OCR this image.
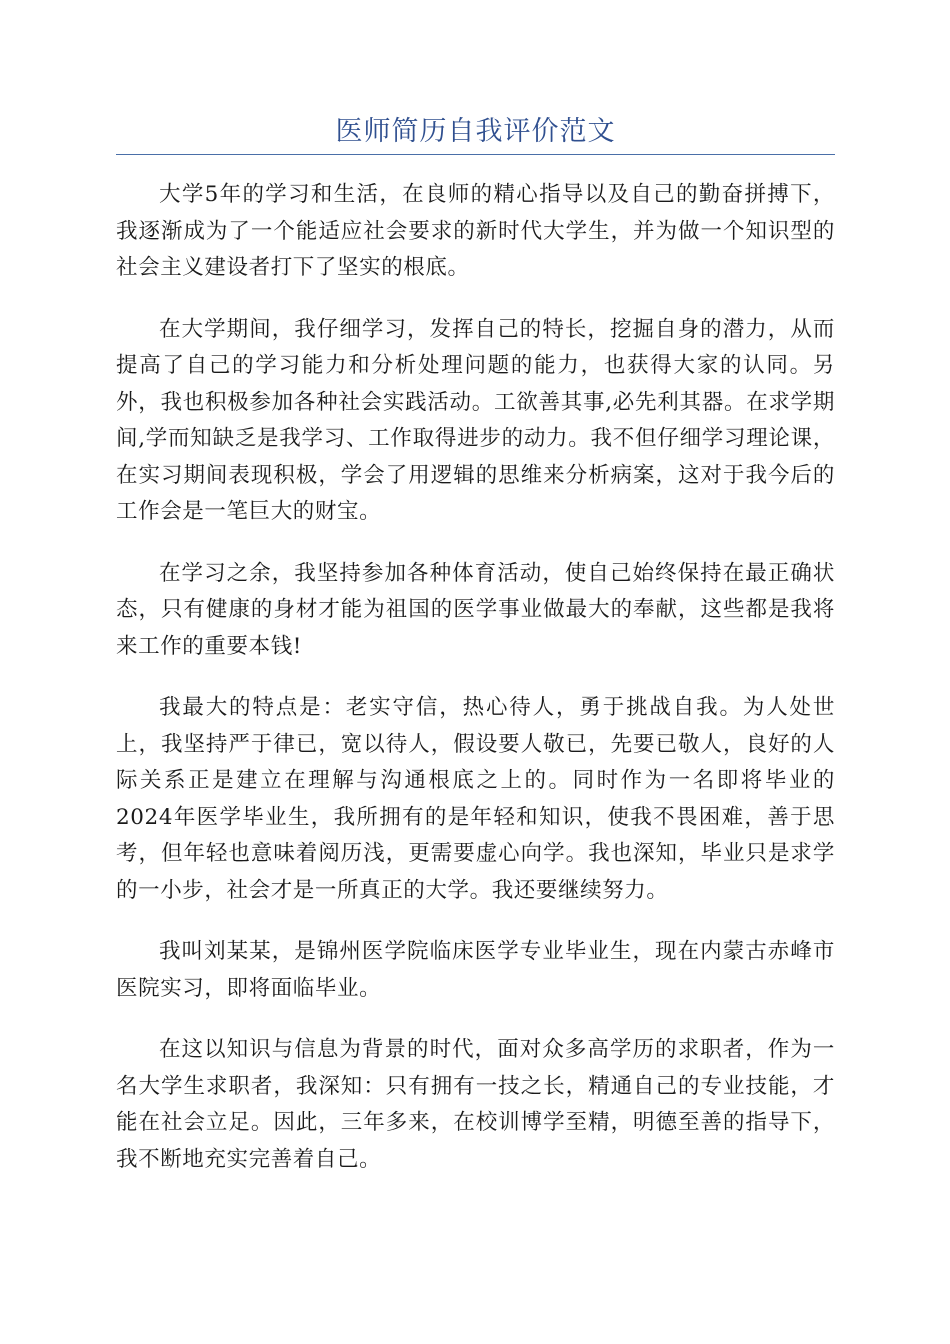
医师简历自我评价范文

大学5年的学习和生活，在良师的精心指导以及自己的勤奋拼搏下，我逐渐成为了一个能适应社会要求的新时代大学生，并为做一个知识型的社会主义建设者打下了坚实的根底。

在大学期间，我仔细学习，发挥自己的特长，挖掘自身的潜力，从而提高了自己的学习能力和分析处理问题的能力，也获得大家的认同。另外，我也积极参加各种社会实践活动。工欲善其事,必先利其器。在求学期间,学而知缺乏是我学习、工作取得进步的动力。我不但仔细学习理论课，在实习期间表现积极，学会了用逻辑的思维来分析病案，这对于我今后的工作会是一笔巨大的财宝。

在学习之余，我坚持参加各种体育活动，使自己始终保持在最正确状态，只有健康的身材才能为祖国的医学事业做最大的奉献，这些都是我将来工作的重要本钱!

我最大的特点是：老实守信，热心待人，勇于挑战自我。为人处世上，我坚持严于律已，宽以待人，假设要人敬已，先要已敬人，良好的人际关系正是建立在理解与沟通根底之上的。同时作为一名即将毕业的2024年医学毕业生，我所拥有的是年轻和知识，使我不畏困难，善于思考，但年轻也意味着阅历浅，更需要虚心向学。我也深知，毕业只是求学的一小步，社会才是一所真正的大学。我还要继续努力。

我叫刘某某，是锦州医学院临床医学专业毕业生，现在内蒙古赤峰市医院实习，即将面临毕业。

在这以知识与信息为背景的时代，面对众多高学历的求职者，作为一名大学生求职者，我深知：只有拥有一技之长，精通自己的专业技能，才能在社会立足。因此，三年多来，在校训博学至精，明德至善的指导下，我不断地充实完善着自己。
